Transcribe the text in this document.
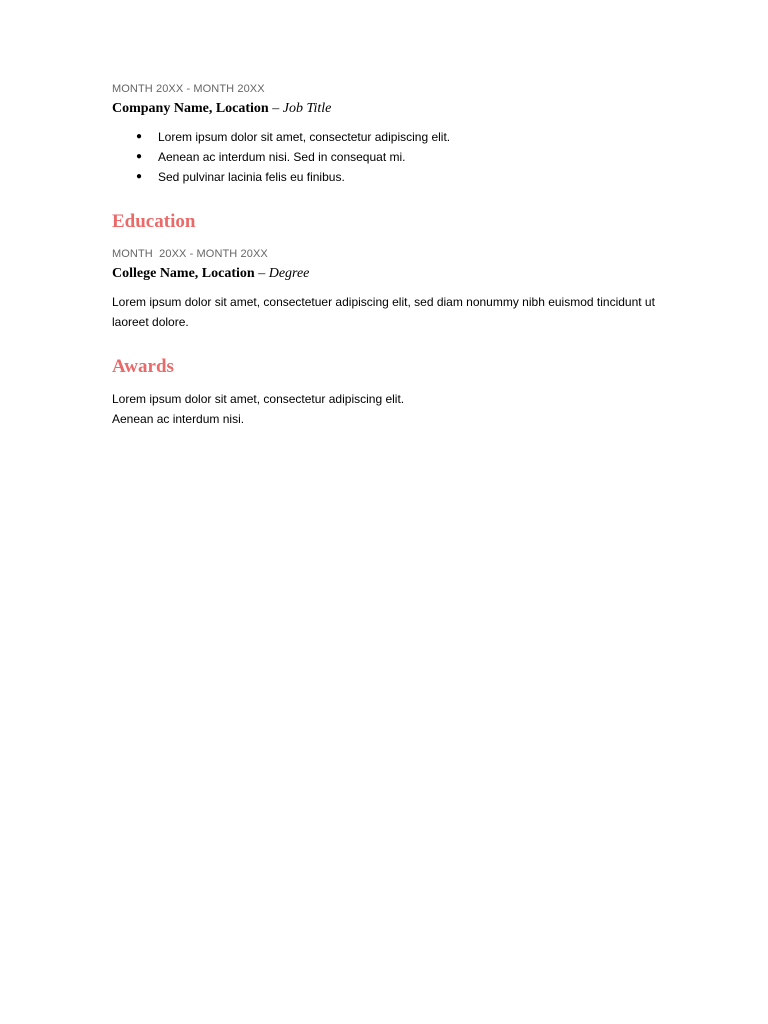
MONTH 20XX - MONTH 20XX
Company Name, Location – Job Title
● Lorem ipsum dolor sit amet, consectetur adipiscing elit.
● Aenean ac interdum nisi. Sed in consequat mi.
● Sed pulvinar lacinia felis eu finibus.
Education
MONTH  20XX - MONTH 20XX
College Name, Location – Degree
Lorem ipsum dolor sit amet, consectetuer adipiscing elit, sed diam nonummy nibh euismod tincidunt ut laoreet dolore.
Awards
Lorem ipsum dolor sit amet, consectetur adipiscing elit.
Aenean ac interdum nisi.
